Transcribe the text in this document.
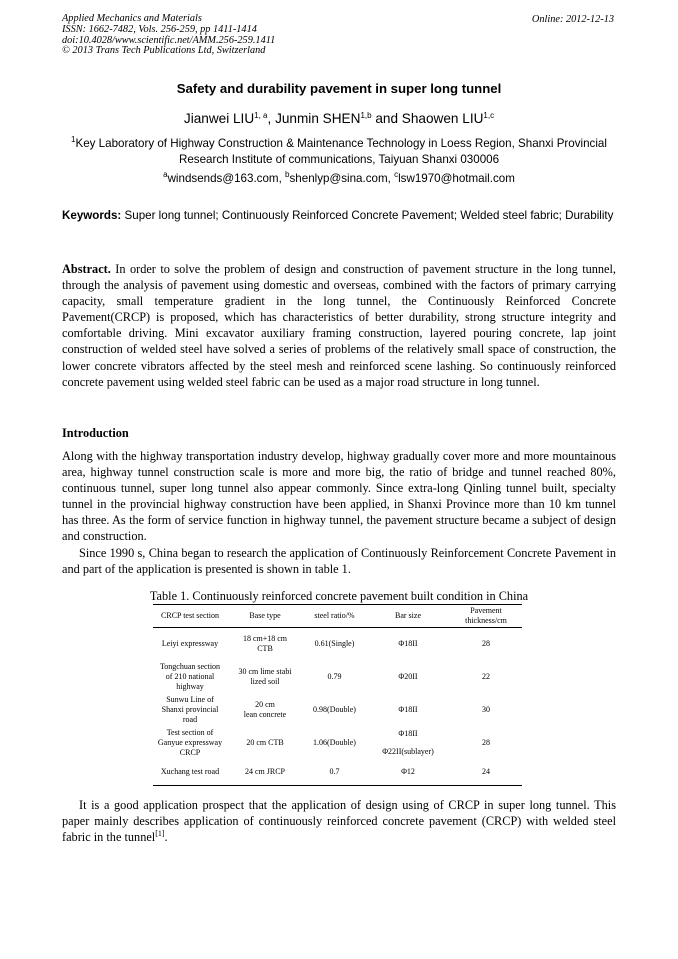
Applied Mechanics and Materials
ISSN: 1662-7482, Vols. 256-259, pp 1411-1414
doi:10.4028/www.scientific.net/AMM.256-259.1411
© 2013 Trans Tech Publications Ltd, Switzerland
Online: 2012-12-13
Safety and durability pavement in super long tunnel
Jianwei LIU$^{1, a}$, Junmin SHEN$^{1,b}$ and Shaowen LIU$^{1,c}$
$^1$Key Laboratory of Highway Construction & Maintenance Technology in Loess Region, Shanxi Provincial Research Institute of communications, Taiyuan Shanxi 030006
$^a$windsends@163.com, $^b$shenlyp@sina.com, $^c$lsw1970@hotmail.com
Keywords: Super long tunnel; Continuously Reinforced Concrete Pavement; Welded steel fabric; Durability
Abstract. In order to solve the problem of design and construction of pavement structure in the long tunnel, through the analysis of pavement using domestic and overseas, combined with the factors of primary carrying capacity, small temperature gradient in the long tunnel, the Continuously Reinforced Concrete Pavement(CRCP) is proposed, which has characteristics of better durability, strong structure integrity and comfortable driving. Mini excavator auxiliary framing construction, layered pouring concrete, lap joint construction of welded steel have solved a series of problems of the relatively small space of construction, the lower concrete vibrators affected by the steel mesh and reinforced scene lashing. So continuously reinforced concrete pavement using welded steel fabric can be used as a major road structure in long tunnel.
Introduction
Along with the highway transportation industry develop, highway gradually cover more and more mountainous area, highway tunnel construction scale is more and more big, the ratio of bridge and tunnel reached 80%, continuous tunnel, super long tunnel also appear commonly. Since extra-long Qinling tunnel built, specialty tunnel in the provincial highway construction have been applied, in Shanxi Province more than 10 km tunnel has three. As the form of service function in highway tunnel, the pavement structure became a subject of design and construction.
Since 1990 s, China began to research the application of Continuously Reinforcement Concrete Pavement in and part of the application is presented is shown in table 1.
Table 1. Continuously reinforced concrete pavement built condition in China
CRCP test section	Base type	steel ratio/%	Bar size	Pavement
thickness/cm

Leiyi expressway	18 cm+18 cm
CTB	0.61(Single)	Φ18II	28

Tongchuan section
of 210 national
highway	30 cm lime stabi
lized soil	0.79	Φ20II	22

Sunwu Line of
Shanxi provincial
road	20 cm
lean concrete	0.98(Double)	Φ18II	30

Test section of
Ganyue expressway
CRCP	20 cm CTB	1.06(Double)	Φ18II
Φ22II(sublayer)	28

Xuchang test road	24 cm JRCP	0.7	Φ12	24
It is a good application prospect that the application of design using of CRCP in super long tunnel. This paper mainly describes application of continuously reinforced concrete pavement (CRCP) with welded steel fabric in the tunnel[1].
